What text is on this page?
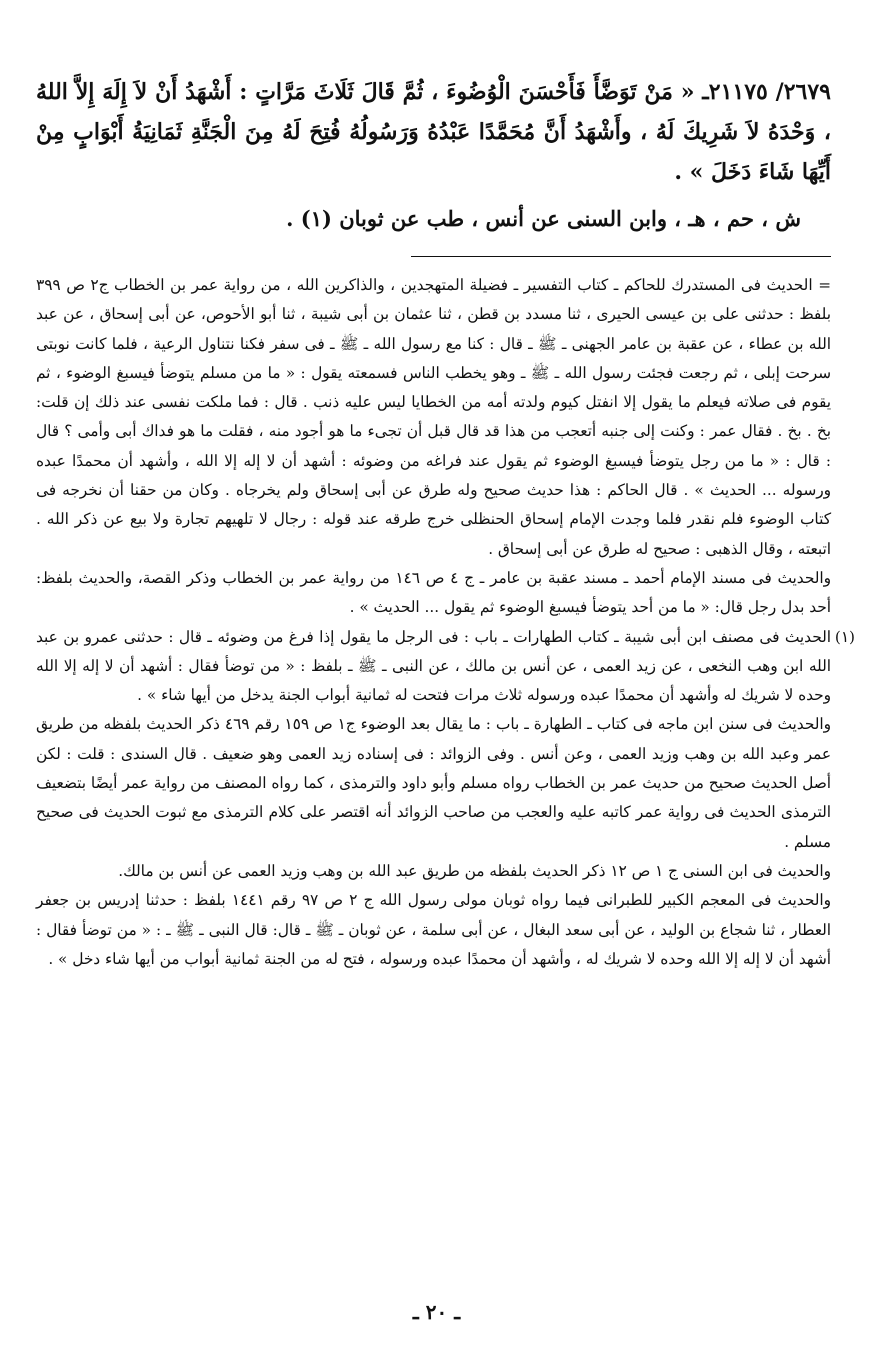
٢٦٧٩/ ٢١١٧٥ـ « مَنْ تَوَضَّأَ فَأَحْسَنَ الْوُضُوءَ ، ثُمَّ قَالَ ثَلَاثَ مَرَّاتٍ : أَشْهَدُ أَنْ لاَ إِلَهَ إِلاَّ اللهُ ، وَحْدَهُ لاَ شَرِيكَ لَهُ ، وأَشْهَدُ أَنَّ مُحَمَّدًا عَبْدُهُ وَرَسُولُهُ فُتِحَ لَهُ مِنَ الْجَنَّةِ ثَمَانِيَةُ أَبْوَابٍ مِنْ أَيِّهَا شَاءَ دَخَلَ » .

ش ، حم ، هـ ، وابن السنى عن أنس ، طب عن ثوبان (١) .

= الحديث فى المستدرك للحاكم ـ كتاب التفسير ـ فضيلة المتهجدين ، والذاكرين الله ، من رواية عمر بن الخطاب ج٢ ص ٣٩٩ بلفظ : حدثنى على بن عيسى الحيرى ، ثنا مسدد بن قطن ، ثنا عثمان بن أبى شيبة ، ثنا أبو الأحوص، عن أبى إسحاق ، عن عبد الله بن عطاء ، عن عقبة بن عامر الجهنى ـ ﷺ ـ قال : كنا مع رسول الله ـ ﷺ ـ فى سفر فكنا نتناول الرعية ، فلما كانت نوبتى سرحت إبلى ، ثم رجعت فجئت رسول الله ـ ﷺ ـ وهو يخطب الناس فسمعته يقول : « ما من مسلم يتوضأ فيسبغ الوضوء ، ثم يقوم فى صلاته فيعلم ما يقول إلا انفتل كيوم ولدته أمه من الخطايا ليس عليه ذنب . قال : فما ملكت نفسى عند ذلك إن قلت: بخ . بخ . فقال عمر : وكنت إلى جنبه أتعجب من هذا قد قال قبل أن تجىء ما هو أجود منه ، فقلت ما هو فداك أبى وأمى ؟ قال : قال : « ما من رجل يتوضأ فيسبغ الوضوء ثم يقول عند فراغه من وضوئه : أشهد أن لا إله إلا الله ، وأشهد أن محمدًا عبده ورسوله ... الحديث » . قال الحاكم : هذا حديث صحيح وله طرق عن أبى إسحاق ولم يخرجاه . وكان من حقنا أن نخرجه فى كتاب الوضوء فلم نقدر فلما وجدت الإمام إسحاق الحنظلى خرج طرقه عند قوله : رجال لا تلهيهم تجارة ولا بيع عن ذكر الله . اتبعته ، وقال الذهبى : صحيح له طرق عن أبى إسحاق .

والحديث فى مسند الإمام أحمد ـ مسند عقبة بن عامر ـ ج ٤ ص ١٤٦ من رواية عمر بن الخطاب وذكر القصة، والحديث بلفظ: أحد بدل رجل قال: « ما من أحد يتوضأ فيسبغ الوضوء ثم يقول ... الحديث » .

(١)
الحديث فى مصنف ابن أبى شيبة ـ كتاب الطهارات ـ باب : فى الرجل ما يقول إذا فرغ من وضوئه ـ قال : حدثنى عمرو بن عبد الله ابن وهب النخعى ، عن زيد العمى ، عن أنس بن مالك ، عن النبى ـ ﷺ ـ بلفظ : « من توضأ فقال : أشهد أن لا إله إلا الله وحده لا شريك له وأشهد أن محمدًا عبده ورسوله ثلاث مرات فتحت له ثمانية أبواب الجنة يدخل من أيها شاء » .

والحديث فى سنن ابن ماجه فى كتاب ـ الطهارة ـ باب : ما يقال بعد الوضوء ج١ ص ١٥٩ رقم ٤٦٩ ذكر الحديث بلفظه من طريق عمر وعبد الله بن وهب وزيد العمى ، وعن أنس . وفى الزوائد : فى إسناده زيد العمى وهو ضعيف . قال السندى : قلت : لكن أصل الحديث صحيح من حديث عمر بن الخطاب رواه مسلم وأبو داود والترمذى ، كما رواه المصنف من رواية عمر أيضًا بتضعيف الترمذى الحديث فى رواية عمر كاتبه عليه والعجب من صاحب الزوائد أنه اقتصر على كلام الترمذى مع ثبوت الحديث فى صحيح مسلم .

والحديث فى ابن السنى ج ١ ص ١٢ ذكر الحديث بلفظه من طريق عبد الله بن وهب وزيد العمى عن أنس بن مالك.

والحديث فى المعجم الكبير للطبرانى فيما رواه ثوبان مولى رسول الله ج ٢ ص ٩٧ رقم ١٤٤١ بلفظ : حدثنا إدريس بن جعفر العطار ، ثنا شجاع بن الوليد ، عن أبى سعد البغال ، عن أبى سلمة ، عن ثوبان ـ ﷺ ـ قال: قال النبى ـ ﷺ ـ : « من توضأ فقال : أشهد أن لا إله إلا الله وحده لا شريك له ، وأشهد أن محمدًا عبده ورسوله ، فتح له من الجنة ثمانية أبواب من أيها شاء دخل » .

ـ ٢٠ ـ
